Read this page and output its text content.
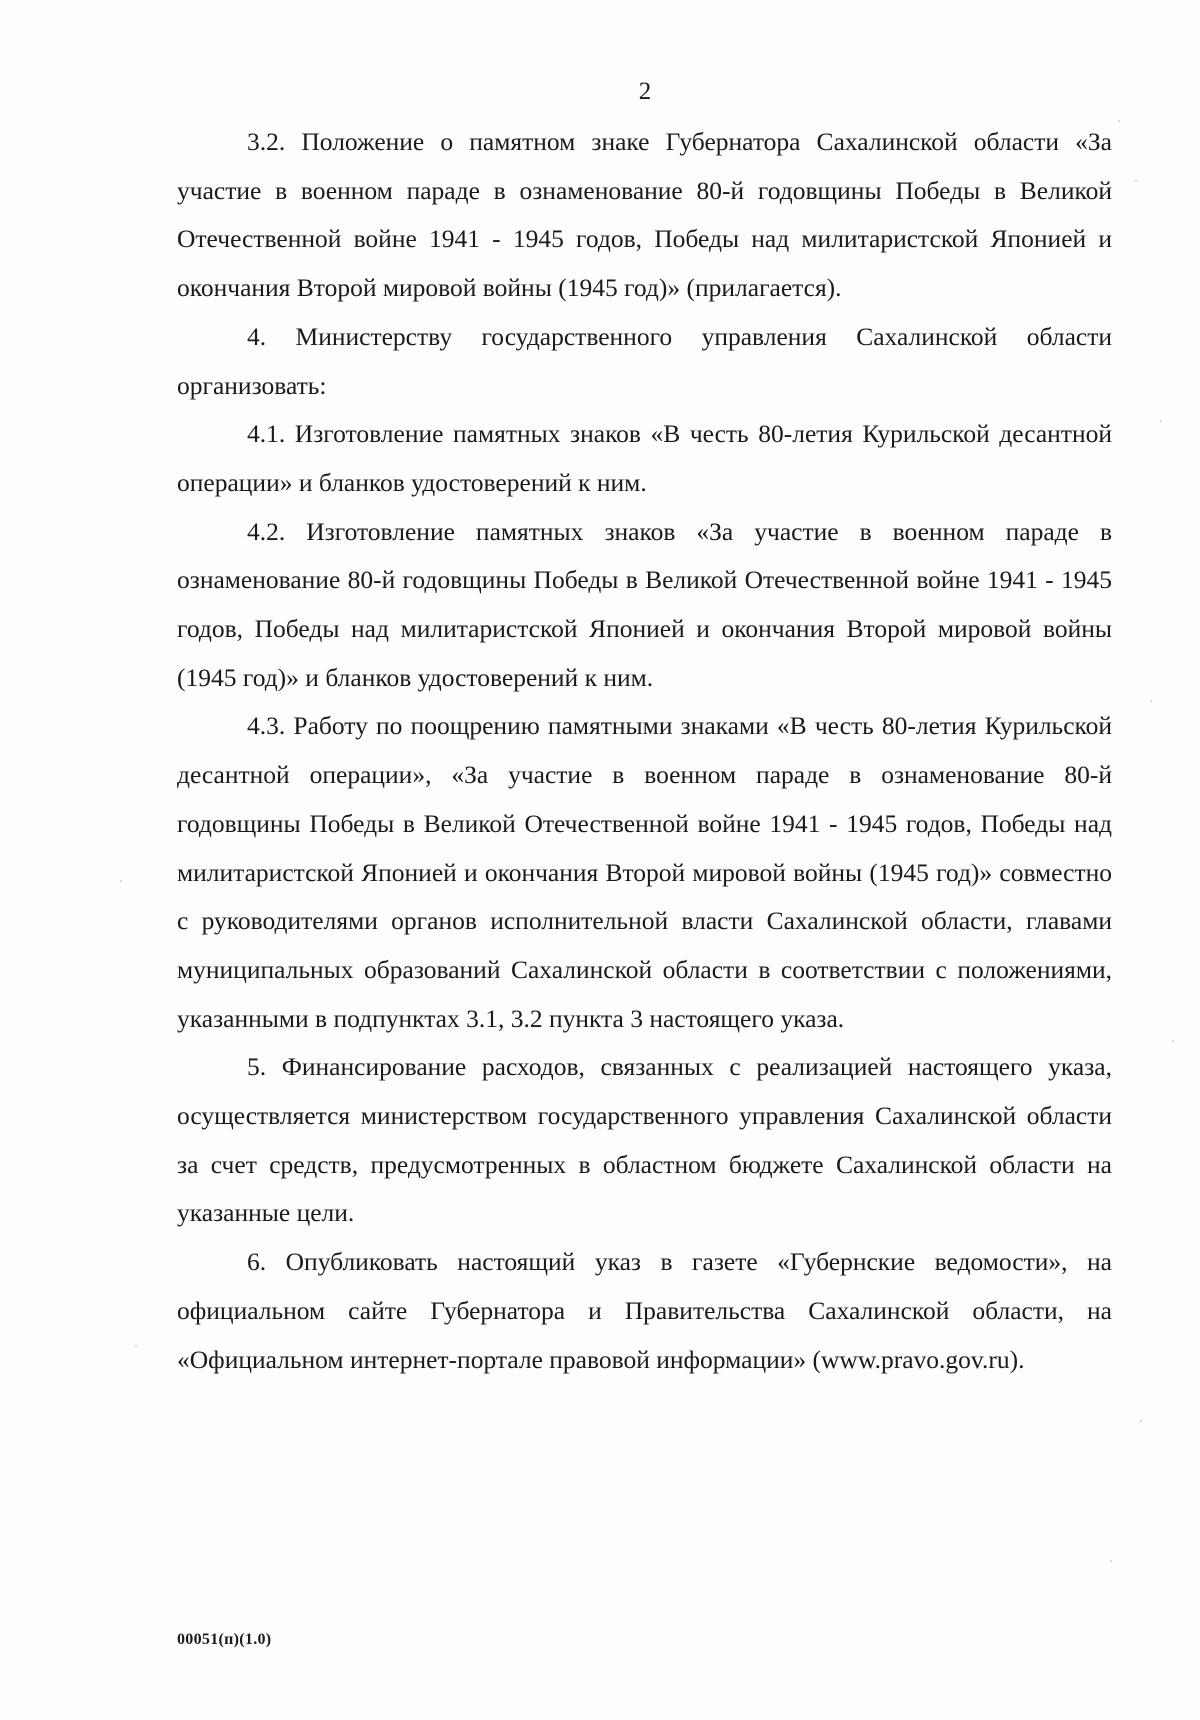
2

3.2. Положение о памятном знаке Губернатора Сахалинской области «За участие в военном параде в ознаменование 80-й годовщины Победы в Великой Отечественной войне 1941 - 1945 годов, Победы над милитаристской Японией и окончания Второй мировой войны (1945 год)» (прилагается).

4. Министерству государственного управления Сахалинской области организовать:

4.1. Изготовление памятных знаков «В честь 80-летия Курильской десантной операции» и бланков удостоверений к ним.

4.2. Изготовление памятных знаков «За участие в военном параде в ознаменование 80-й годовщины Победы в Великой Отечественной войне 1941 - 1945 годов, Победы над милитаристской Японией и окончания Второй мировой войны (1945 год)» и бланков удостоверений к ним.

4.3. Работу по поощрению памятными знаками «В честь 80-летия Курильской десантной операции», «За участие в военном параде в ознаменование 80-й годовщины Победы в Великой Отечественной войне 1941 - 1945 годов, Победы над милитаристской Японией и окончания Второй мировой войны (1945 год)» совместно с руководителями органов исполнительной власти Сахалинской области, главами муниципальных образований Сахалинской области в соответствии с положениями, указанными в подпунктах 3.1, 3.2 пункта 3 настоящего указа.

5. Финансирование расходов, связанных с реализацией настоящего указа, осуществляется министерством государственного управления Сахалинской области за счет средств, предусмотренных в областном бюджете Сахалинской области на указанные цели.

6. Опубликовать настоящий указ в газете «Губернские ведомости», на официальном сайте Губернатора и Правительства Сахалинской области, на «Официальном интернет-портале правовой информации» (www.pravo.gov.ru).

00051(п)(1.0)
